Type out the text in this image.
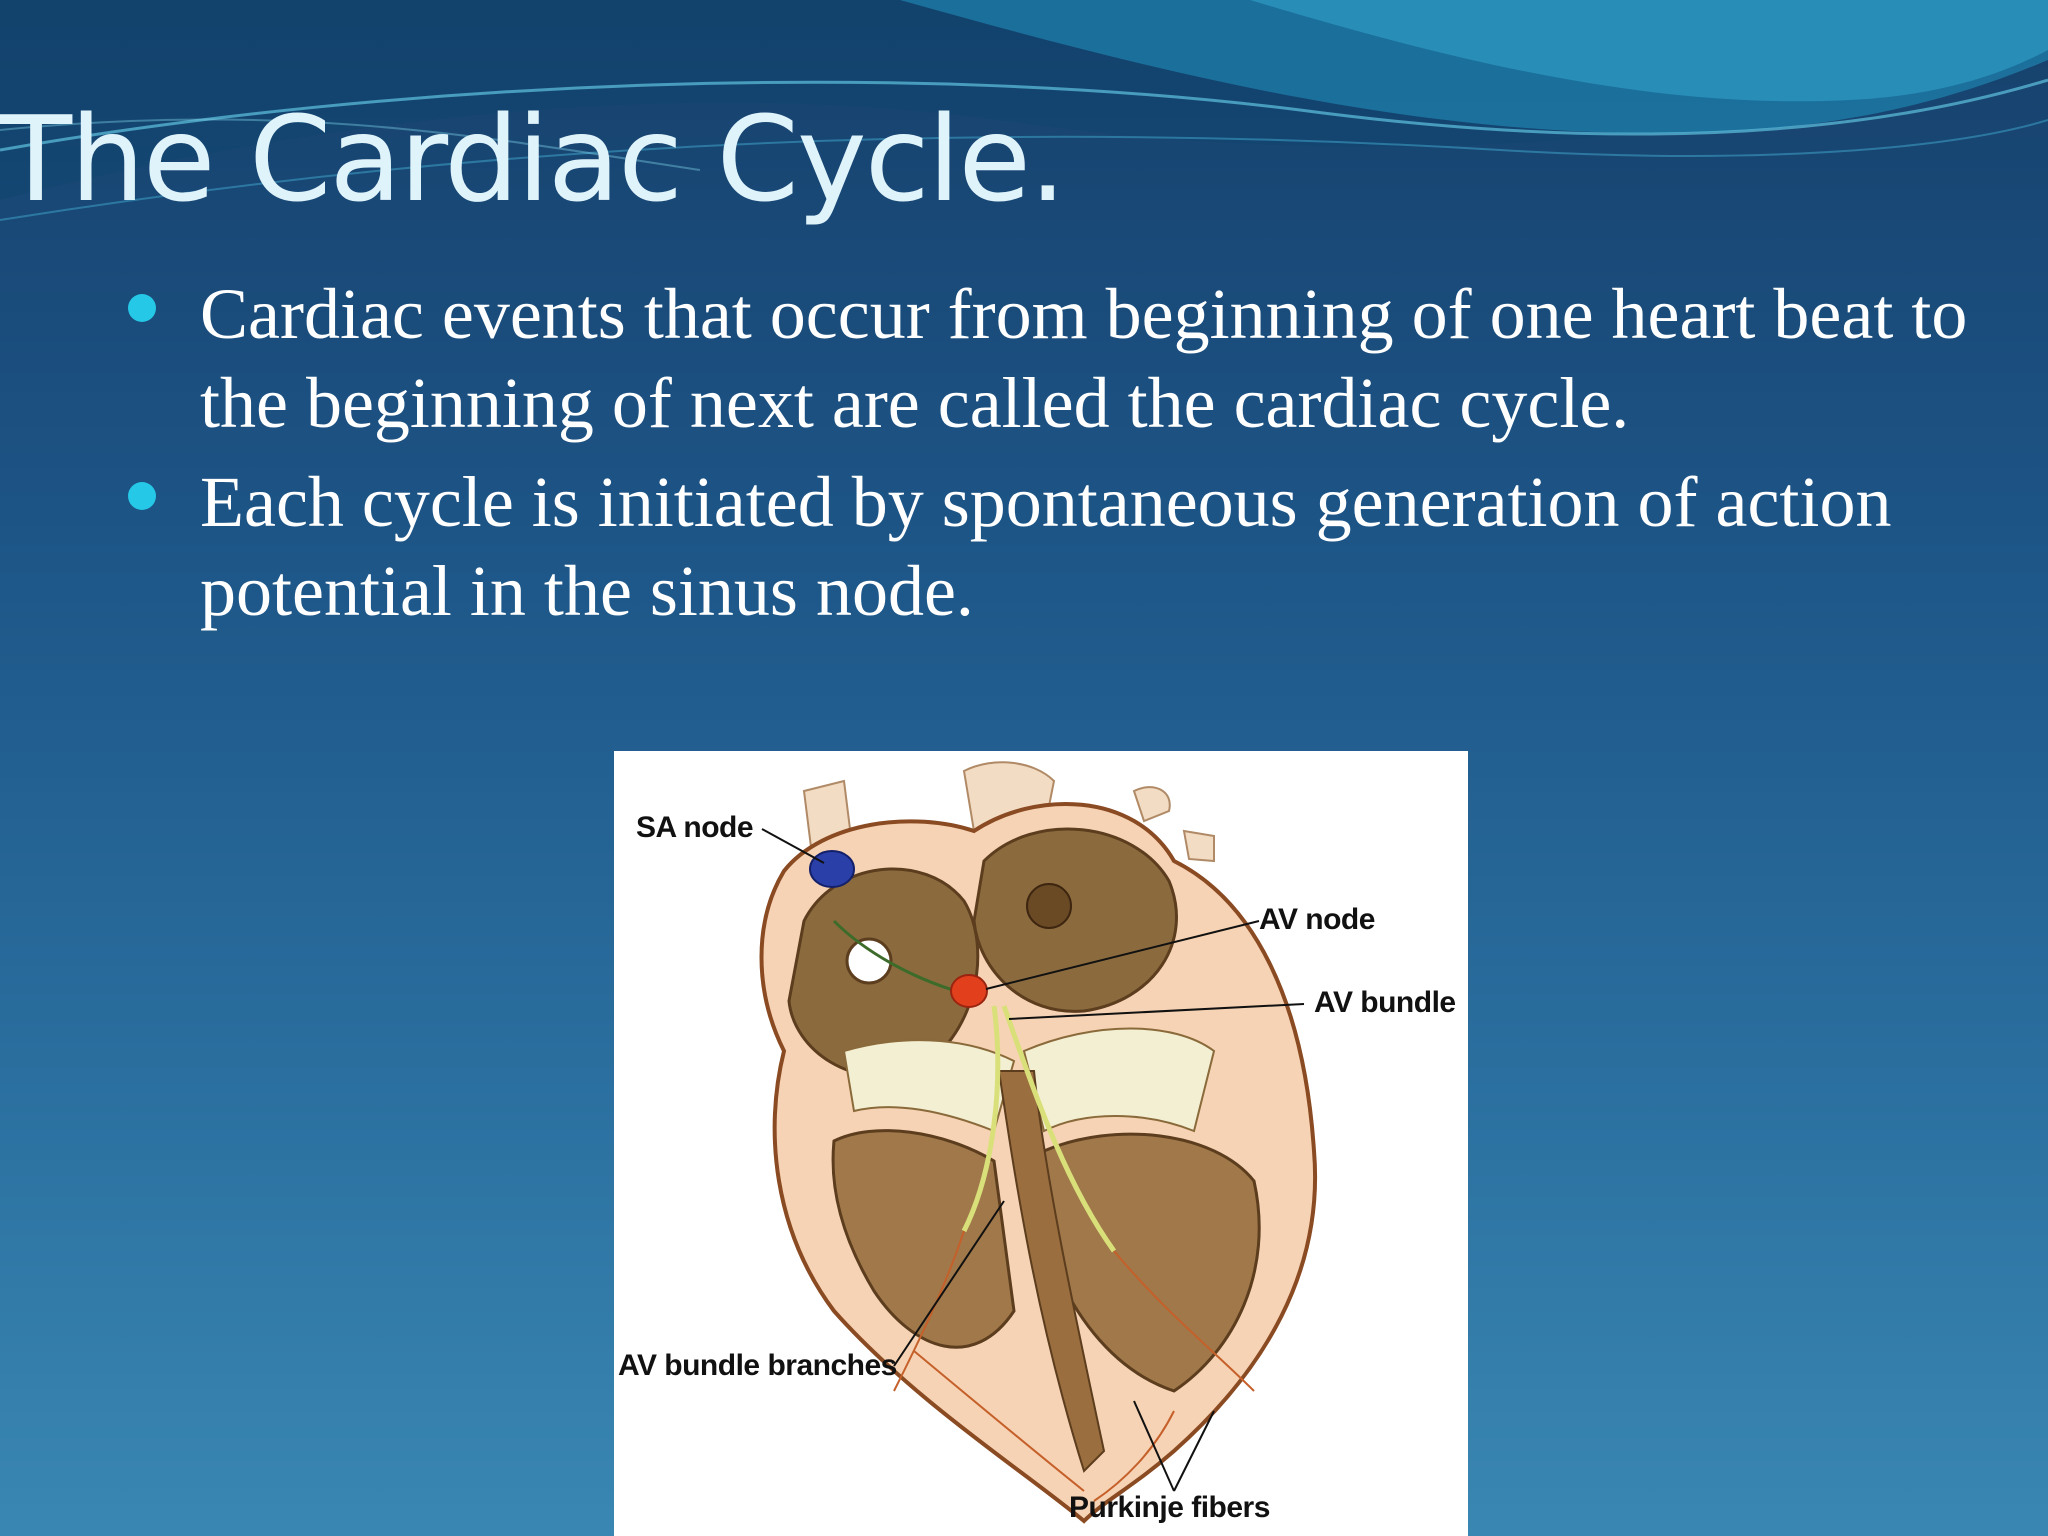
The Cardiac Cycle.
Cardiac events that occur from beginning of one heart beat to the beginning of next are called the cardiac cycle.
Each cycle is initiated by spontaneous generation of action potential in the sinus node.
SA node
AV node
AV bundle
AV bundle branches
Purkinje fibers
